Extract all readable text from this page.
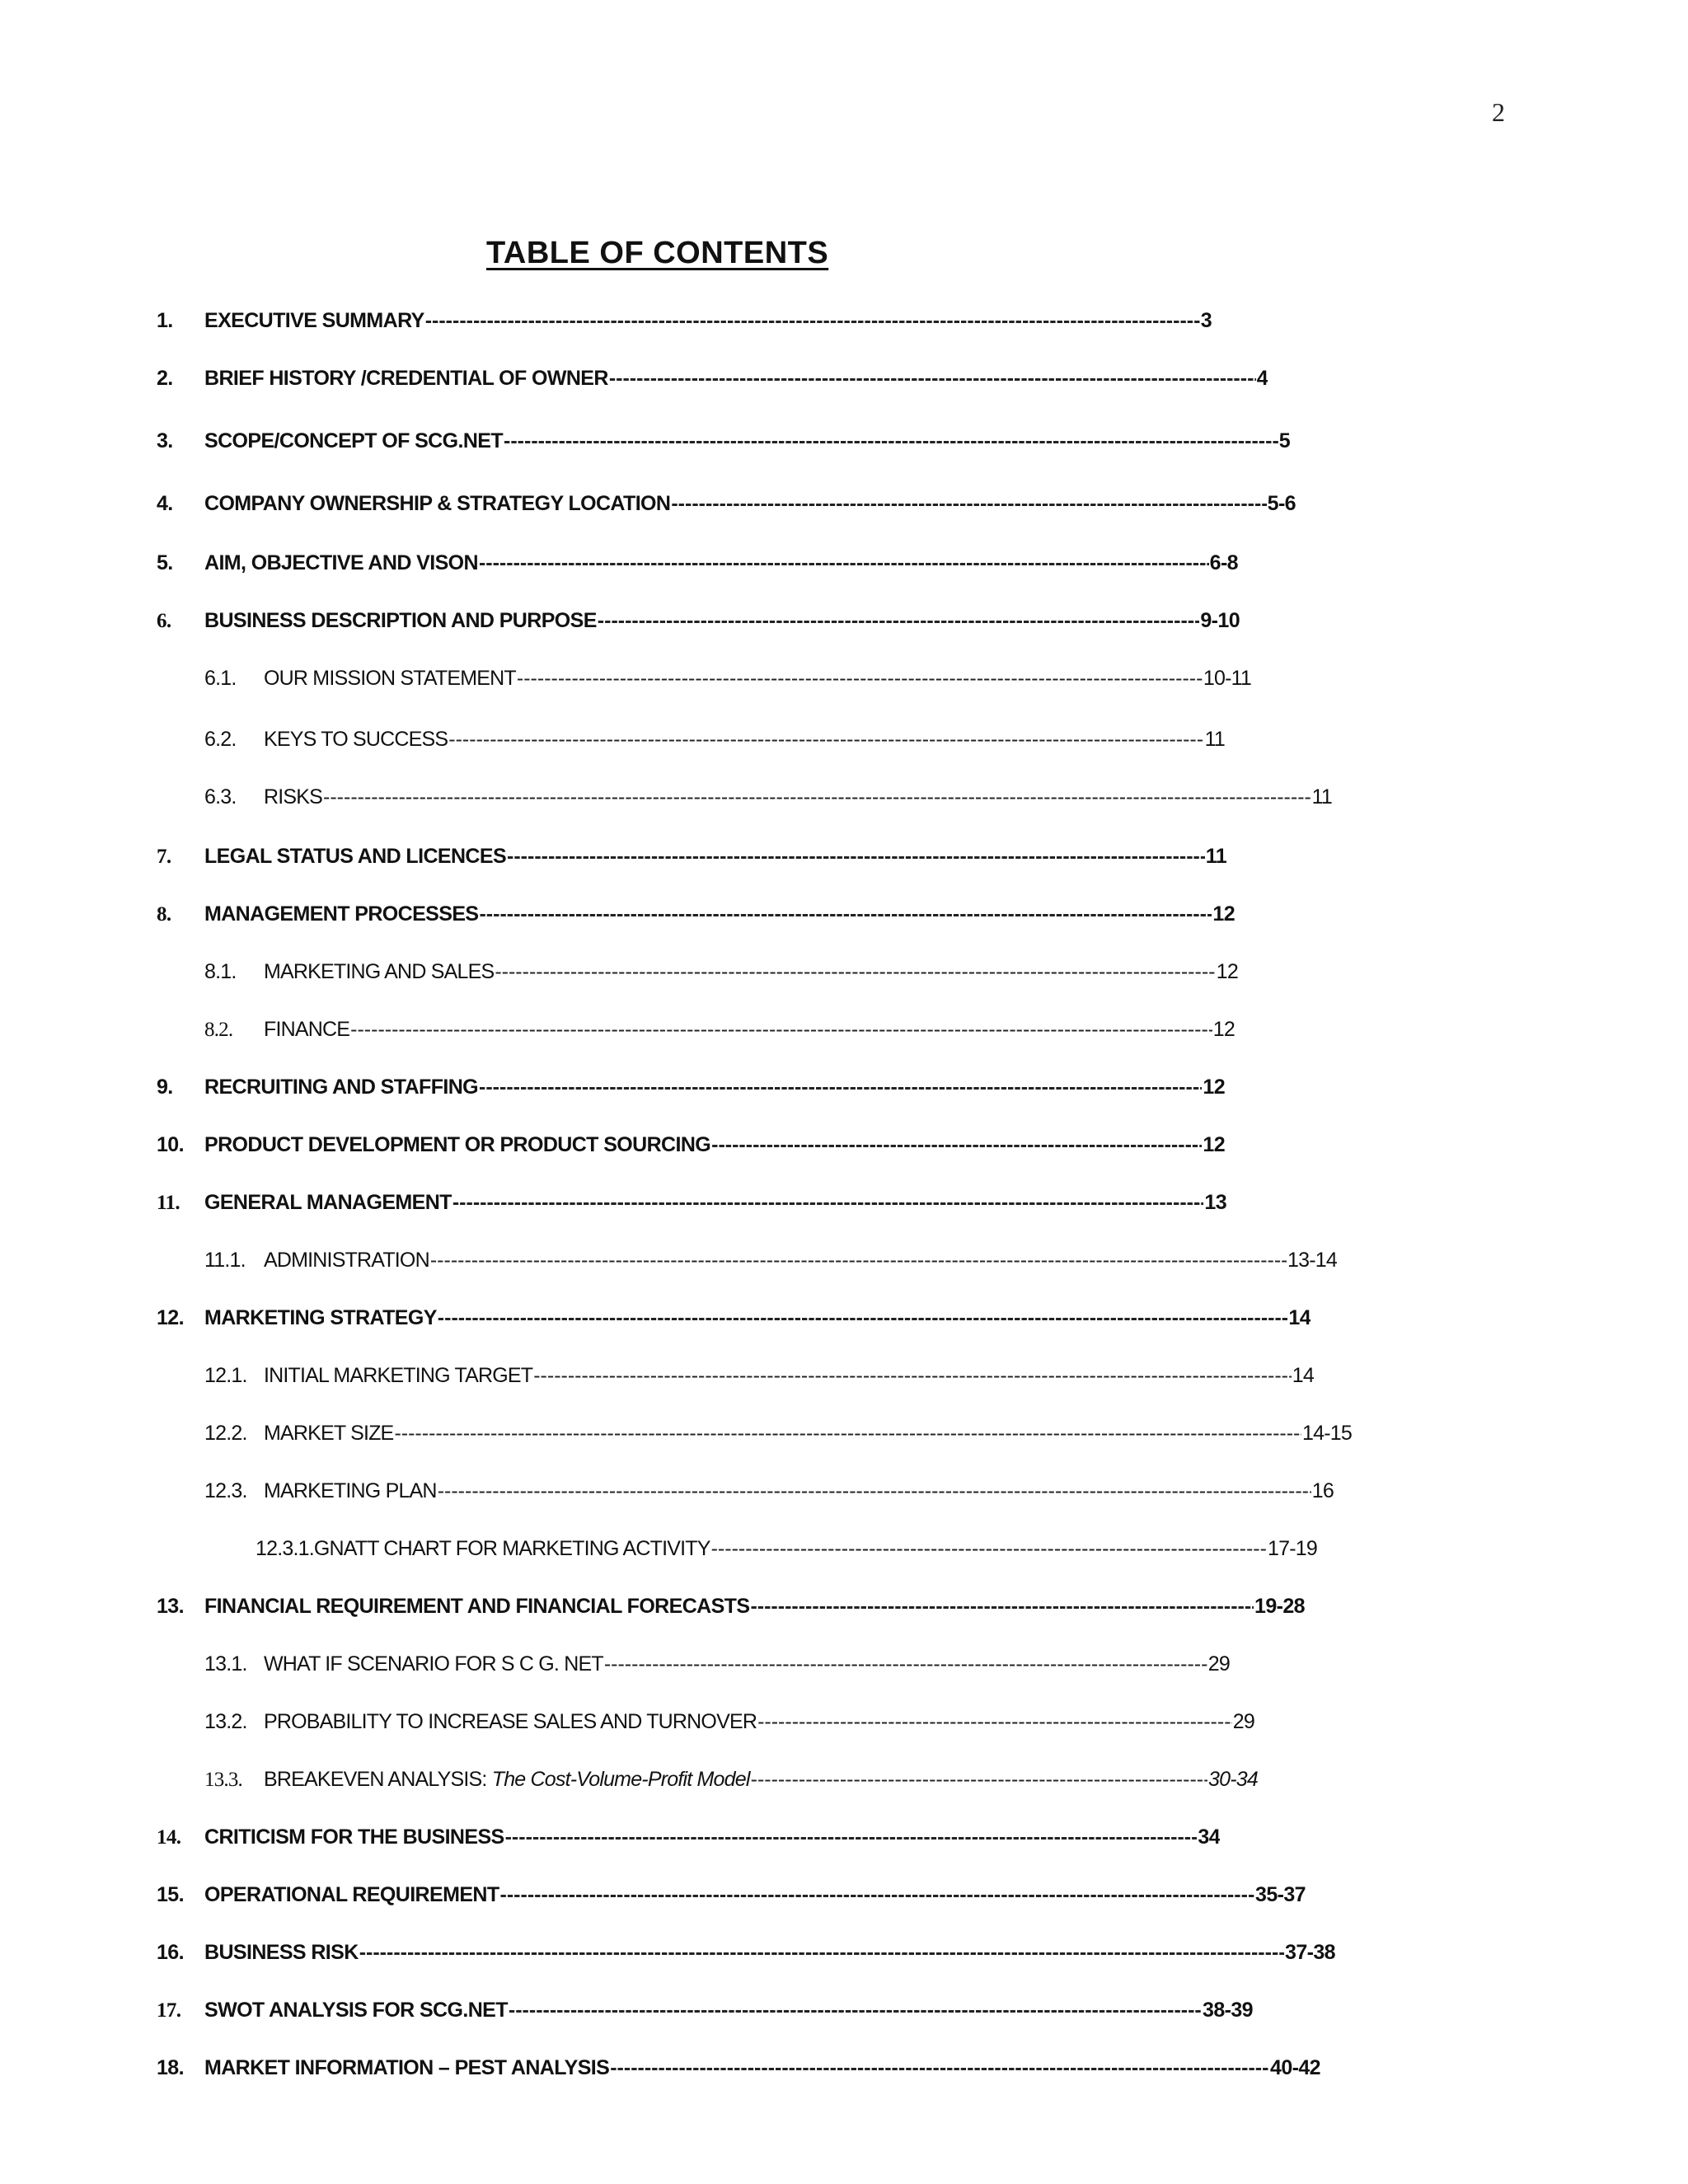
2
TABLE OF CONTENTS
1.	EXECUTIVE SUMMARY -----	3
2.	BRIEF HISTORY /CREDENTIAL OF OWNER -----	4
3.	SCOPE/CONCEPT OF SCG.NET -----	5
4.	COMPANY OWNERSHIP & STRATEGY LOCATION -----	5-6
5.	AIM, OBJECTIVE AND VISON -----	6-8
6.	BUSINESS DESCRIPTION AND PURPOSE -----	9-10
6.1.	OUR MISSION STATEMENT -----	10-11
6.2.	KEYS TO SUCCESS -----	11
6.3.	RISKS -----	11
7.	LEGAL STATUS AND LICENCES -----	11
8.	MANAGEMENT PROCESSES -----	12
8.1.	MARKETING AND SALES -----	12
8.2.	FINANCE -----	12
9.	RECRUITING AND STAFFING -----	12
10.	PRODUCT DEVELOPMENT OR PRODUCT SOURCING -----	12
11.	GENERAL MANAGEMENT -----	13
11.1. ADMINISTRATION -----	13-14
12.	MARKETING STRATEGY -----	14
12.1. INITIAL MARKETING TARGET -----	14
12.2. MARKET SIZE -----	14-15
12.3. MARKETING PLAN -----	16
12.3.1. GNATT CHART FOR MARKETING ACTIVITY -----	17-19
13.	FINANCIAL REQUIREMENT AND FINANCIAL FORECASTS -----	19-28
13.1. WHAT IF SCENARIO FOR S C G. NET -----	29
13.2. PROBABILITY TO INCREASE SALES AND TURNOVER -----	29
13.3.	BREAKEVEN ANALYSIS: The Cost-Volume-Profit Model -----	30-34
14.	CRITICISM FOR THE BUSINESS -----	34
15.	OPERATIONAL REQUIREMENT -----	35-37
16.	BUSINESS RISK -----	37-38
17.	SWOT ANALYSIS FOR SCG.NET -----	38-39
18.	MARKET INFORMATION – PEST ANALYSIS -----	40-42
